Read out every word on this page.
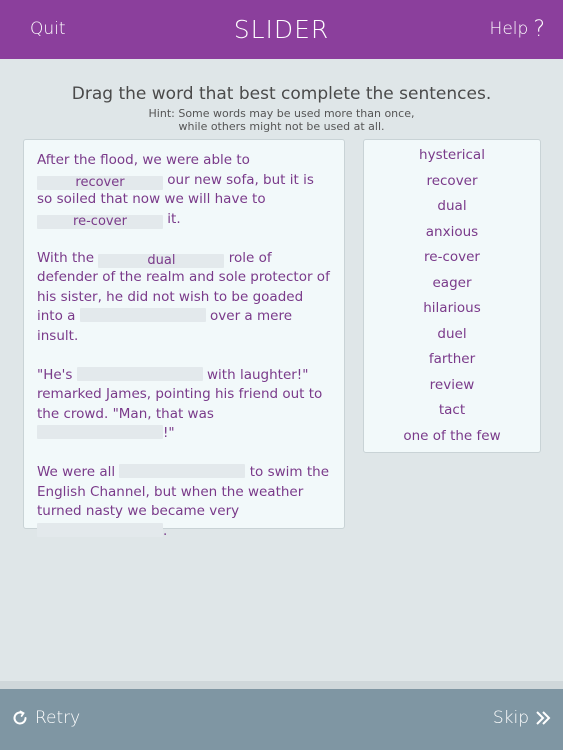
Quit	SLIDER	Help ?
Drag the word that best complete the sentences.
Hint: Some words may be used more than once,
while others might not be used at all.

After the flood, we were able to recover	our new sofa, but it is so soiled that now we will have to re-cover	it.

With the	dual	role of defender of the realm and sole protector of his sister, he did not wish to be goaded into a	over a mere insult.

"He's	with laughter!" remarked James, pointing his friend out to the crowd. "Man, that was !"

We were all	to swim the English Channel, but when the weather turned nasty we became very .

hysterical
recover
dual
anxious
re-cover
eager
hilarious
duel
farther
review
tact
one of the few
Retry	Skip
